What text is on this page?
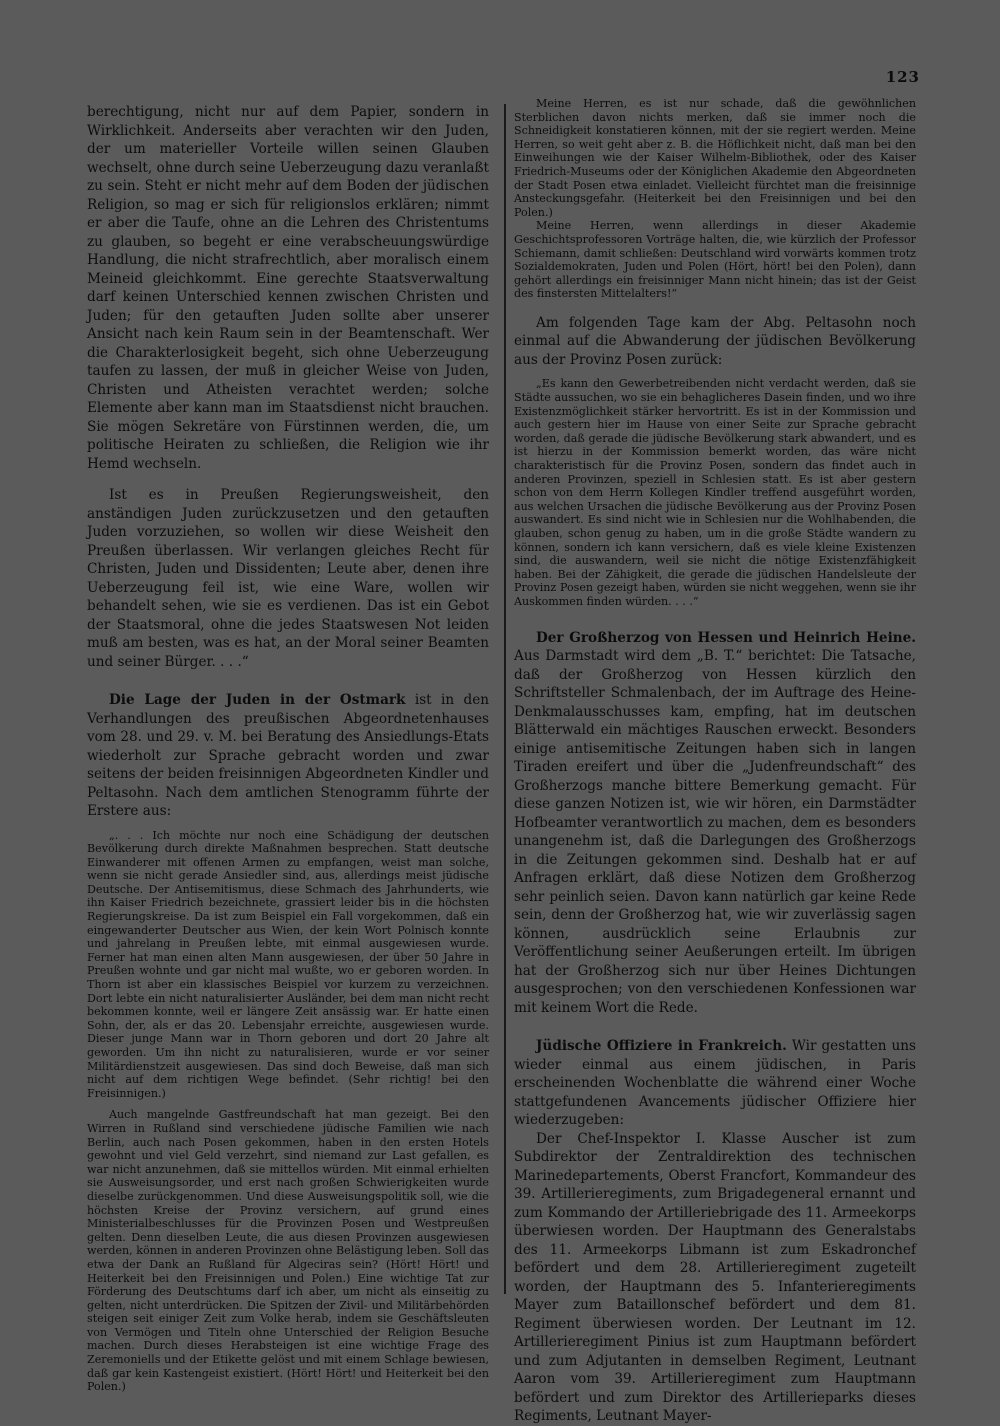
123

berechtigung, nicht nur auf dem Papier, sondern in Wirklichkeit. Anderseits aber verachten wir den Juden, der um materieller Vorteile willen seinen Glauben wechselt, ohne durch seine Ueberzeugung dazu veranlaßt zu sein. Steht er nicht mehr auf dem Boden der jüdischen Religion, so mag er sich für religionslos erklären; nimmt er aber die Taufe, ohne an die Lehren des Christentums zu glauben, so begeht er eine verabscheuungswürdige Handlung, die nicht strafrechtlich, aber moralisch einem Meineid gleichkommt. Eine gerechte Staatsverwaltung darf keinen Unterschied kennen zwischen Christen und Juden; für den getauften Juden sollte aber unserer Ansicht nach kein Raum sein in der Beamtenschaft. Wer die Charakterlosigkeit begeht, sich ohne Ueberzeugung taufen zu lassen, der muß in gleicher Weise von Juden, Christen und Atheisten verachtet werden; solche Elemente aber kann man im Staatsdienst nicht brauchen. Sie mögen Sekretäre von Fürstinnen werden, die, um politische Heiraten zu schließen, die Religion wie ihr Hemd wechseln.

Ist es in Preußen Regierungsweisheit, den anständigen Juden zurückzusetzen und den getauften Juden vorzuziehen, so wollen wir diese Weisheit den Preußen überlassen. Wir verlangen gleiches Recht für Christen, Juden und Dissidenten; Leute aber, denen ihre Ueberzeugung feil ist, wie eine Ware, wollen wir behandelt sehen, wie sie es verdienen. Das ist ein Gebot der Staatsmoral, ohne die jedes Staatswesen Not leiden muß am besten, was es hat, an der Moral seiner Beamten und seiner Bürger. . . .“

Die Lage der Juden in der Ostmark ist in den Verhandlungen des preußischen Abgeordnetenhauses vom 28. und 29. v. M. bei Beratung des Ansiedlungs-Etats wiederholt zur Sprache gebracht worden und zwar seitens der beiden freisinnigen Abgeordneten Kindler und Peltasohn. Nach dem amtlichen Stenogramm führte der Erstere aus:

„. . . Ich möchte nur noch eine Schädigung der deutschen Bevölkerung durch direkte Maßnahmen besprechen. Statt deutsche Einwanderer mit offenen Armen zu empfangen, weist man solche, wenn sie nicht gerade Ansiedler sind, aus, allerdings meist jüdische Deutsche. Der Antisemitismus, diese Schmach des Jahrhunderts, wie ihn Kaiser Friedrich bezeichnete, grassiert leider bis in die höchsten Regierungskreise. Da ist zum Beispiel ein Fall vorgekommen, daß ein eingewanderter Deutscher aus Wien, der kein Wort Polnisch konnte und jahrelang in Preußen lebte, mit einmal ausgewiesen wurde. Ferner hat man einen alten Mann ausgewiesen, der über 50 Jahre in Preußen wohnte und gar nicht mal wußte, wo er geboren worden. In Thorn ist aber ein klassisches Beispiel vor kurzem zu verzeichnen. Dort lebte ein nicht naturalisierter Ausländer, bei dem man nicht recht bekommen konnte, weil er längere Zeit ansässig war. Er hatte einen Sohn, der, als er das 20. Lebensjahr erreichte, ausgewiesen wurde. Dieser junge Mann war in Thorn geboren und dort 20 Jahre alt geworden. Um ihn nicht zu naturalisieren, wurde er vor seiner Militärdienstzeit ausgewiesen. Das sind doch Beweise, daß man sich nicht auf dem richtigen Wege befindet. (Sehr richtig! bei den Freisinnigen.)

Auch mangelnde Gastfreundschaft hat man gezeigt. Bei den Wirren in Rußland sind verschiedene jüdische Familien wie nach Berlin, auch nach Posen gekommen, haben in den ersten Hotels gewohnt und viel Geld verzehrt, sind niemand zur Last gefallen, es war nicht anzunehmen, daß sie mittellos würden. Mit einmal erhielten sie Ausweisungsorder, und erst nach großen Schwierigkeiten wurde dieselbe zurückgenommen. Und diese Ausweisungspolitik soll, wie die höchsten Kreise der Provinz versichern, auf grund eines Ministerialbeschlusses für die Provinzen Posen und Westpreußen gelten. Denn dieselben Leute, die aus diesen Provinzen ausgewiesen werden, können in anderen Provinzen ohne Belästigung leben. Soll das etwa der Dank an Rußland für Algeciras sein? (Hört! Hört! und Heiterkeit bei den Freisinnigen und Polen.) Eine wichtige Tat zur Förderung des Deutschtums darf ich aber, um nicht als einseitig zu gelten, nicht unterdrücken. Die Spitzen der Zivil- und Militärbehörden steigen seit einiger Zeit zum Volke herab, indem sie Geschäftsleuten von Vermögen und Titeln ohne Unterschied der Religion Besuche machen. Durch dieses Herabsteigen ist eine wichtige Frage des Zeremoniells und der Etikette gelöst und mit einem Schlage bewiesen, daß gar kein Kastengeist existiert. (Hört! Hört! und Heiterkeit bei den Polen.)

Meine Herren, es ist nur schade, daß die gewöhnlichen Sterblichen davon nichts merken, daß sie immer noch die Schneidigkeit konstatieren können, mit der sie regiert werden. Meine Herren, so weit geht aber z. B. die Höflichkeit nicht, daß man bei den Einweihungen wie der Kaiser Wilhelm-Bibliothek, oder des Kaiser Friedrich-Museums oder der Königlichen Akademie den Abgeordneten der Stadt Posen etwa einladet. Vielleicht fürchtet man die freisinnige Ansteckungsgefahr. (Heiterkeit bei den Freisinnigen und bei den Polen.)

Meine Herren, wenn allerdings in dieser Akademie Geschichtsprofessoren Vorträge halten, die, wie kürzlich der Professor Schiemann, damit schließen: Deutschland wird vorwärts kommen trotz Sozialdemokraten, Juden und Polen (Hört, hört! bei den Polen), dann gehört allerdings ein freisinniger Mann nicht hinein; das ist der Geist des finstersten Mittelalters!“

Am folgenden Tage kam der Abg. Peltasohn noch einmal auf die Abwanderung der jüdischen Bevölkerung aus der Provinz Posen zurück:

„Es kann den Gewerbetreibenden nicht verdacht werden, daß sie Städte aussuchen, wo sie ein behaglicheres Dasein finden, und wo ihre Existenzmöglichkeit stärker hervortritt. Es ist in der Kommission und auch gestern hier im Hause von einer Seite zur Sprache gebracht worden, daß gerade die jüdische Bevölkerung stark abwandert, und es ist hierzu in der Kommission bemerkt worden, das wäre nicht charakteristisch für die Provinz Posen, sondern das findet auch in anderen Provinzen, speziell in Schlesien statt. Es ist aber gestern schon von dem Herrn Kollegen Kindler treffend ausgeführt worden, aus welchen Ursachen die jüdische Bevölkerung aus der Provinz Posen auswandert. Es sind nicht wie in Schlesien nur die Wohlhabenden, die glauben, schon genug zu haben, um in die große Städte wandern zu können, sondern ich kann versichern, daß es viele kleine Existenzen sind, die auswandern, weil sie nicht die nötige Existenzfähigkeit haben. Bei der Zähigkeit, die gerade die jüdischen Handelsleute der Provinz Posen gezeigt haben, würden sie nicht weggehen, wenn sie ihr Auskommen finden würden. . . .“

Der Großherzog von Hessen und Heinrich Heine. Aus Darmstadt wird dem „B. T.“ berichtet: Die Tatsache, daß der Großherzog von Hessen kürzlich den Schriftsteller Schmalenbach, der im Auftrage des Heine-Denkmalausschusses kam, empfing, hat im deutschen Blätterwald ein mächtiges Rauschen erweckt. Besonders einige antisemitische Zeitungen haben sich in langen Tiraden ereifert und über die „Judenfreundschaft“ des Großherzogs manche bittere Bemerkung gemacht. Für diese ganzen Notizen ist, wie wir hören, ein Darmstädter Hofbeamter verantwortlich zu machen, dem es besonders unangenehm ist, daß die Darlegungen des Großherzogs in die Zeitungen gekommen sind. Deshalb hat er auf Anfragen erklärt, daß diese Notizen dem Großherzog sehr peinlich seien. Davon kann natürlich gar keine Rede sein, denn der Großherzog hat, wie wir zuverlässig sagen können, ausdrücklich seine Erlaubnis zur Veröffentlichung seiner Aeußerungen erteilt. Im übrigen hat der Großherzog sich nur über Heines Dichtungen ausgesprochen; von den verschiedenen Konfessionen war mit keinem Wort die Rede.

Jüdische Offiziere in Frankreich. Wir gestatten uns wieder einmal aus einem jüdischen, in Paris erscheinenden Wochenblatte die während einer Woche stattgefundenen Avancements jüdischer Offiziere hier wiederzugeben:

Der Chef-Inspektor I. Klasse Auscher ist zum Subdirektor der Zentraldirektion des technischen Marinedepartements, Oberst Francfort, Kommandeur des 39. Artillerieregiments, zum Brigadegeneral ernannt und zum Kommando der Artilleriebrigade des 11. Armeekorps überwiesen worden. Der Hauptmann des Generalstabs des 11. Armeekorps Libmann ist zum Eskadronchef befördert und dem 28. Artillerieregiment zugeteilt worden, der Hauptmann des 5. Infanterieregiments Mayer zum Bataillonschef befördert und dem 81. Regiment überwiesen worden. Der Leutnant im 12. Artillerieregiment Pinius ist zum Hauptmann befördert und zum Adjutanten in demselben Regiment, Leutnant Aaron vom 39. Artillerieregiment zum Hauptmann befördert und zum Direktor des Artillerieparks dieses Regiments, Leutnant Mayer-
